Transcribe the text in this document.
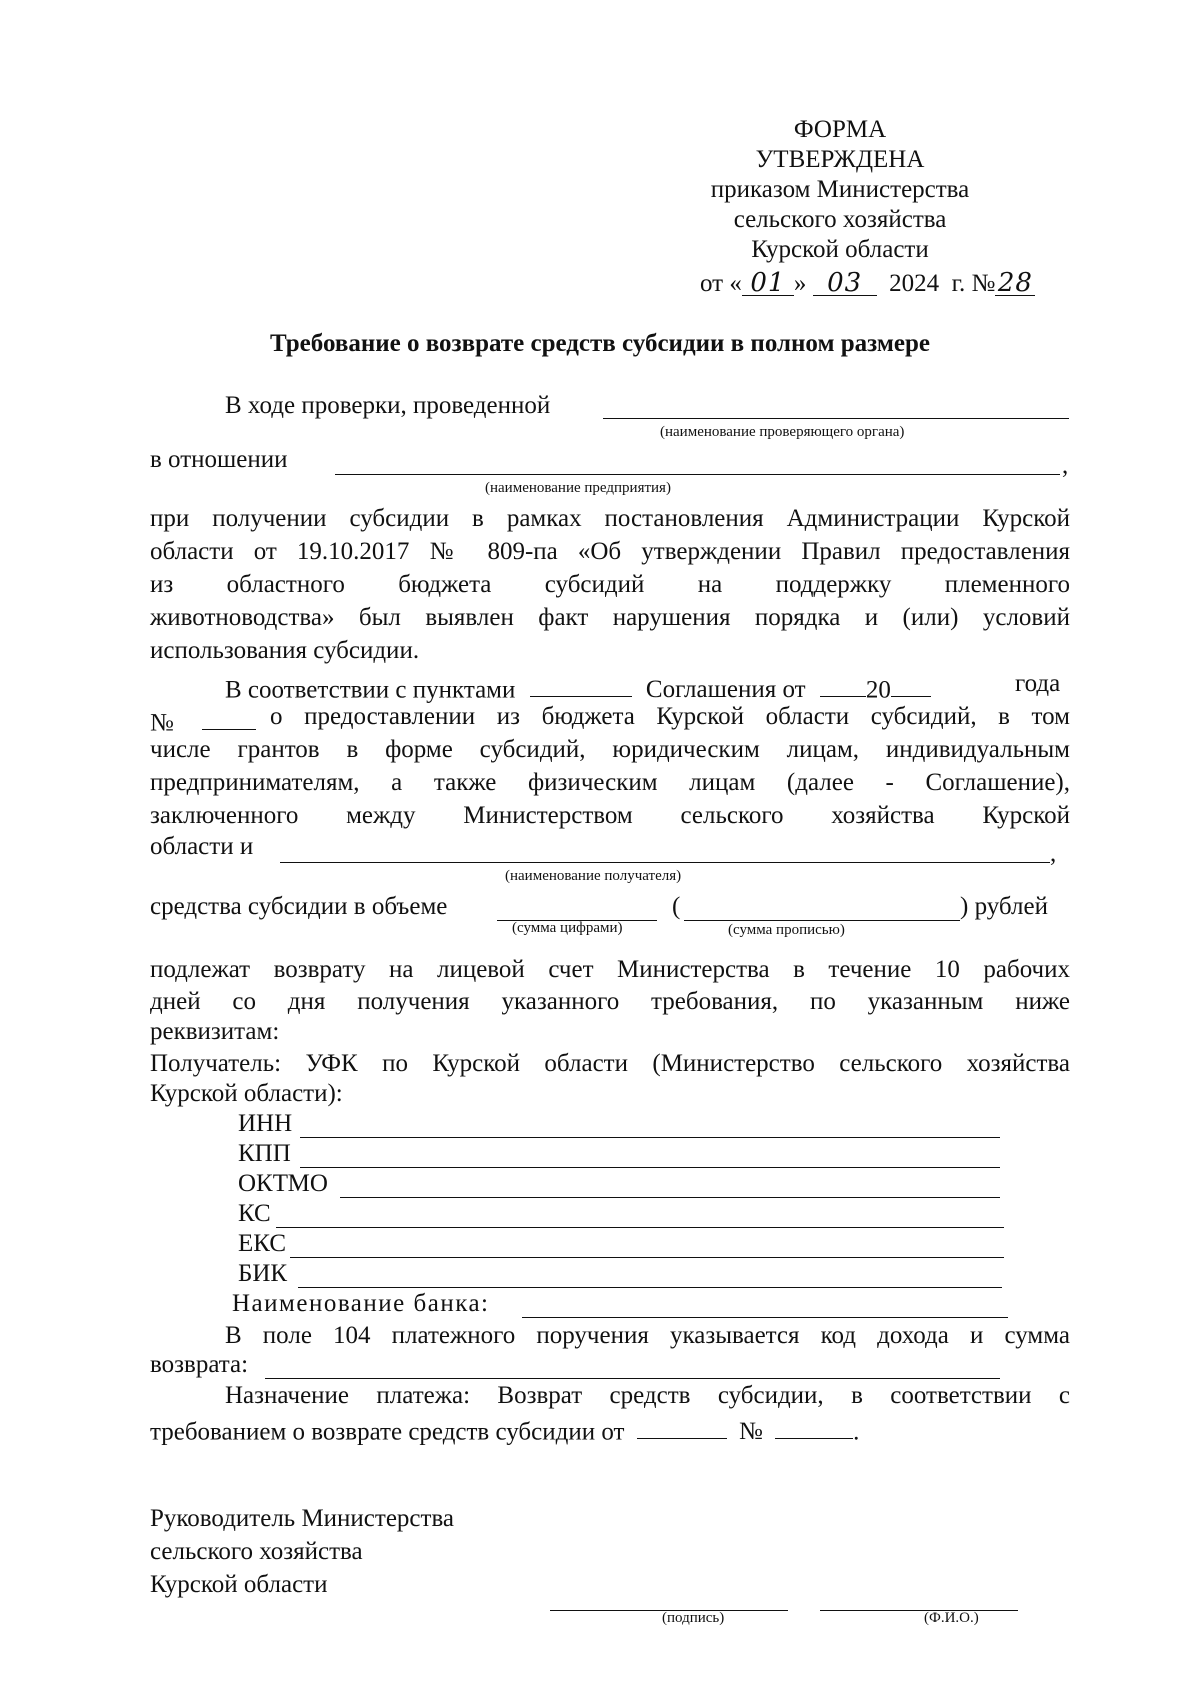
ФОРМА
УТВЕРЖДЕНА
приказом Министерства
сельского хозяйства
Курской области
от « 01 » 03 2024 г. №28
Требование о возврате средств субсидии в полном размере
В ходе проверки, проведенной
(наименование проверяющего органа)
в отношении	,
(наименование предприятия)
при получении субсидии в рамках постановления Администрации Курской
области от 19.10.2017 № 809-па «Об утверждении Правил предоставления
из областного бюджета субсидий на поддержку племенного
животноводства» был выявлен факт нарушения порядка и (или) условий
использования субсидии.
В соответствии с пунктами	Соглашения от 20	года
№	о предоставлении из бюджета Курской области субсидий, в том
числе грантов в форме субсидий, юридическим лицам, индивидуальным
предпринимателям, а также физическим лицам (далее - Соглашение),
заключенного между Министерством сельского хозяйства Курской
области и	,
(наименование получателя)
средства субсидии в объеме	(	) рублей
(сумма цифрами)	(сумма прописью)
подлежат возврату на лицевой счет Министерства в течение 10 рабочих
дней со дня получения указанного требования, по указанным ниже
реквизитам:
Получатель: УФК по Курской области (Министерство сельского хозяйства
Курской области):
ИНН
КПП
ОКТМО
КС
ЕКС
БИК
Наименование банка:
В поле 104 платежного поручения указывается код дохода и сумма
возврата:
Назначение платежа: Возврат средств субсидии, в соответствии с
требованием о возврате средств субсидии от	№	.
Руководитель Министерства
сельского хозяйства
Курской области
(подпись)	(Ф.И.О.)
